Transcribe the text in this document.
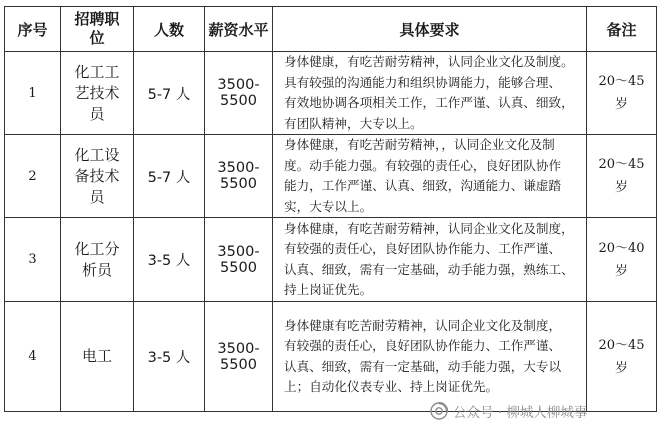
序号	招聘职
位	人数	薪资水平	具体要求	备注
1	化工工
艺技术
员	5-7 人	3500-5500	身体健康，有吃苦耐劳精神，认同企业文化及制度。
具有较强的沟通能力和组织协调能力，能够合理、
有效地协调各项相关工作，工作严谨、认真、细致，
有团队精神，大专以上。	20～45
岁
2	化工设
备技术
员	5-7 人	3500-5500	身体健康，有吃苦耐劳精神，，认同企业文化及制
度。动手能力强。有较强的责任心，良好团队协作
能力，工作严谨、认真、细致，沟通能力、谦虚踏
实，大专以上。	20～45
岁
3	化工分
析员	3-5 人	3500-5500	身体健康，有吃苦耐劳精神，认同企业文化及制度，
有较强的责任心，良好团队协作能力、工作严谨、
认真、细致，需有一定基础，动手能力强，熟练工、
持上岗证优先。	20～40
岁
4	电工	3-5 人	3500-5500	身体健康有吃苦耐劳精神，认同企业文化及制度，
有较强的责任心，良好团队协作能力、工作严谨、
认真、细致，需有一定基础，动手能力强，大专以
上；自动化仪表专业、持上岗证优先。	20～45
岁
公众号 · 柳城人柳城事
